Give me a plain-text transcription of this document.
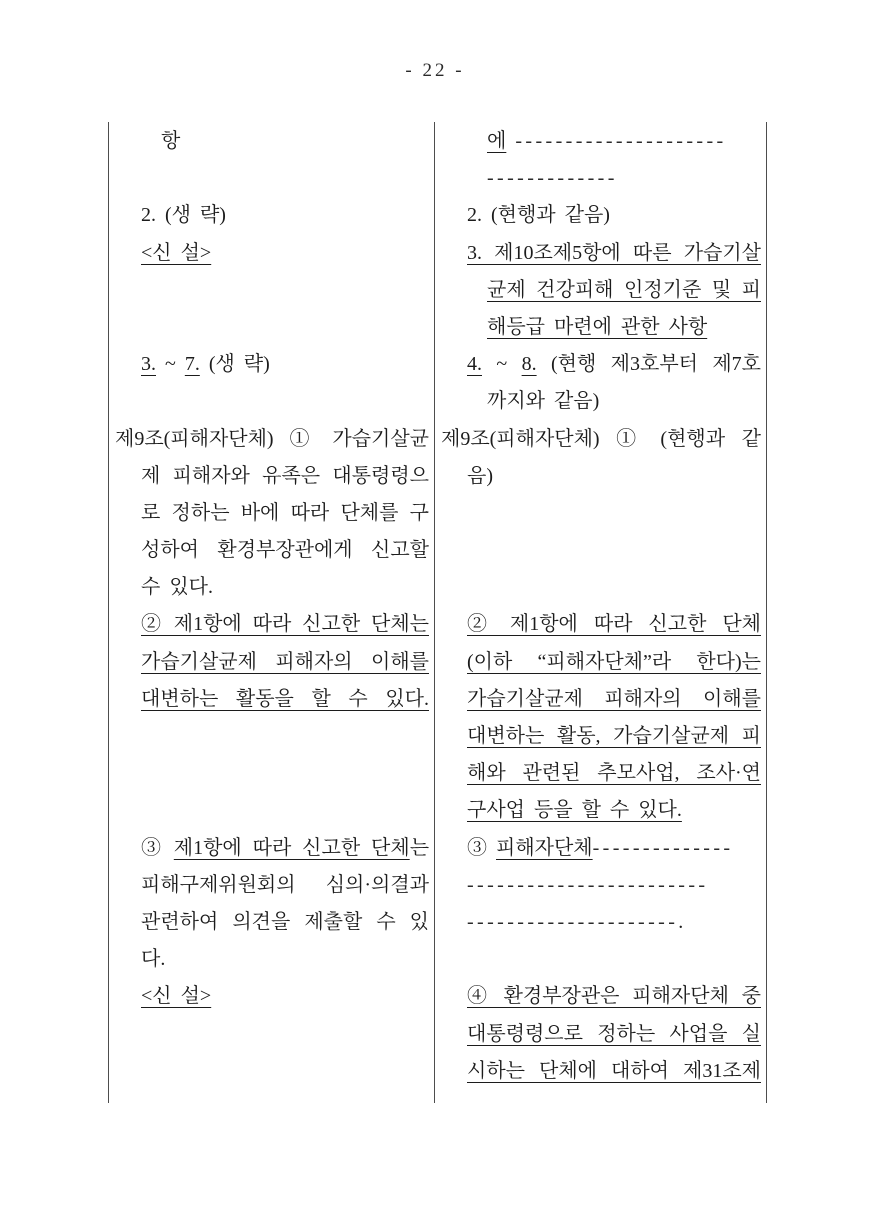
- 22 -
항
2. (생 략)
<신 설>
3. ~ 7. (생 략)
제9조(피해자단체) ① 가습기살균
제 피해자와 유족은 대통령령으
로 정하는 바에 따라 단체를 구
성하여 환경부장관에게 신고할
수 있다.
② 제1항에 따라 신고한 단체는
가습기살균제 피해자의 이해를
대변하는 활동을 할 수 있다.
③ 제1항에 따라 신고한 단체는
피해구제위원회의 심의·의결과
관련하여 의견을 제출할 수 있
다.
<신 설>
에 ---------------------
-------------
2. (현행과 같음)
3. 제10조제5항에 따른 가습기살
균제 건강피해 인정기준 및 피
해등급 마련에 관한 사항
4. ~ 8. (현행 제3호부터 제7호
까지와 같음)
제9조(피해자단체) ① (현행과 같
음)
② 제1항에 따라 신고한 단체
(이하 “피해자단체”라 한다)는
가습기살균제 피해자의 이해를
대변하는 활동, 가습기살균제 피
해와 관련된 추모사업, 조사·연
구사업 등을 할 수 있다.
③ 피해자단체--------------
------------------------
---------------------.
④ 환경부장관은 피해자단체 중
대통령령으로 정하는 사업을 실
시하는 단체에 대하여 제31조제
